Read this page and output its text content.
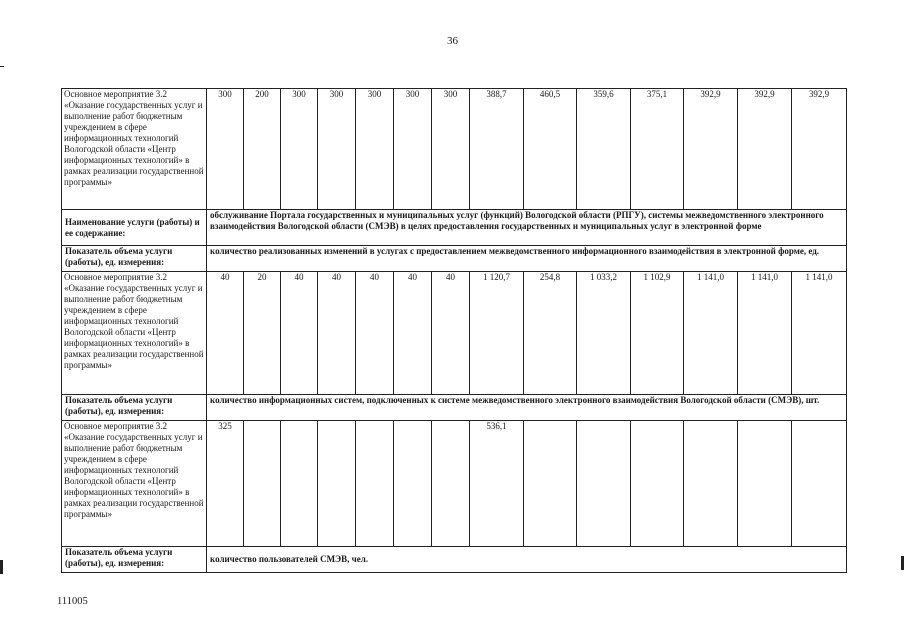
36
Основное мероприятие 3.2 «Оказание государственных услуг и выполнение работ бюджетным учреждением в сфере информационных технологий Вологодской области «Центр информационных технологий» в рамках реализации государственной программы»	300	200	300	300	300	300	300	388,7	460,5	359,6	375,1	392,9	392,9	392,9
Наименование услуги (работы) и ее содержание:	обслуживание Портала государственных и муниципальных услуг (функций) Вологодской области (РПГУ), системы межведомственного электронного взаимодействия Вологодской области (СМЭВ) в целях предоставления государственных и муниципальных услуг в электронной форме													
Показатель объема услуги (работы), ед. измерения:	количество реализованных изменений в услугах с предоставлением межведомственного информационного взаимодействия в электронной форме, ед.													
Основное мероприятие 3.2 «Оказание государственных услуг и выполнение работ бюджетным учреждением в сфере информационных технологий Вологодской области «Центр информационных технологий» в рамках реализации государственной программы»	40	20	40	40	40	40	40	1 120,7	254,8	1 033,2	1 102,9	1 141,0	1 141,0	1 141,0
Показатель объема услуги (работы), ед. измерения:	количество информационных систем, подключенных к системе межведомственного электронного взаимодействия Вологодской области (СМЭВ), шт.													
Основное мероприятие 3.2 «Оказание государственных услуг и выполнение работ бюджетным учреждением в сфере информационных технологий Вологодской области «Центр информационных технологий» в рамках реализации государственной программы»	325							536,1						
Показатель объема услуги (работы), ед. измерения:	количество пользователей СМЭВ, чел.													
111005
